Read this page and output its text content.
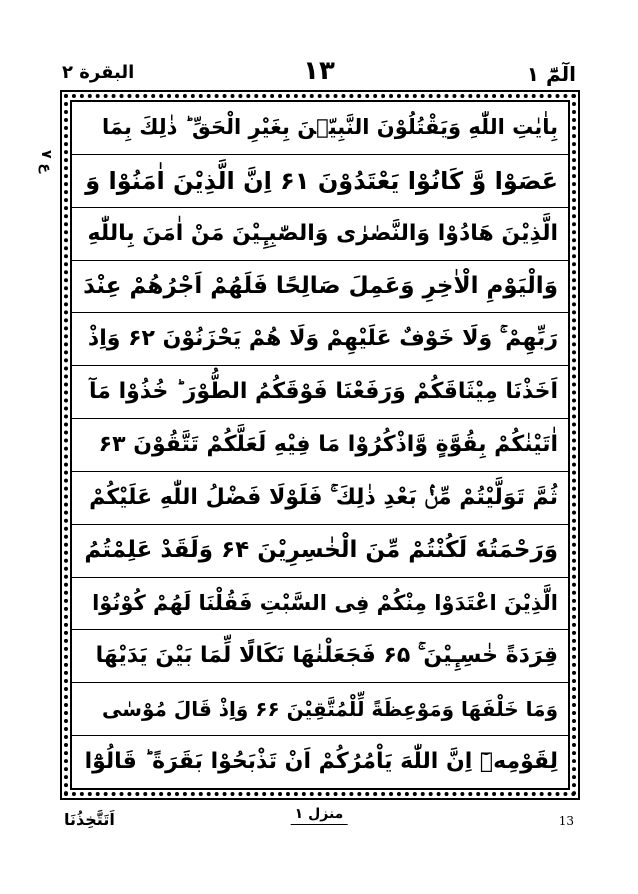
الٓمّٓ ١
١٣
البقرة ٢
ع ٧
بِاٰيٰتِ اللّٰهِ وَيَقْتُلُوْنَ النَّبِيّٖنَ بِغَيْرِ الْحَقِّ ؕ ذٰلِكَ بِمَا
عَصَوْا وَّ كَانُوْا يَعْتَدُوْنَ ۶۱ اِنَّ الَّذِيْنَ اٰمَنُوْا وَ
الَّذِيْنَ هَادُوْا وَالنَّصٰرٰى وَالصّٰبِـِٕيْنَ مَنْ اٰمَنَ بِاللّٰهِ
وَالْيَوْمِ الْاٰخِرِ وَعَمِلَ صَالِحًا فَلَهُمْ اَجْرُهُمْ عِنْدَ
رَبِّهِمْ ۚ وَلَا خَوْفٌ عَلَيْهِمْ وَلَا هُمْ يَحْزَنُوْنَ ۶۲ وَاِذْ
اَخَذْنَا مِيْثَاقَكُمْ وَرَفَعْنَا فَوْقَكُمُ الطُّوْرَ ؕ خُذُوْا مَآ
اٰتَيْنٰكُمْ بِقُوَّةٍ وَّاذْكُرُوْا مَا فِيْهِ لَعَلَّكُمْ تَتَّقُوْنَ ۶۳
ثُمَّ تَوَلَّيْتُمْ مِّنْۢ بَعْدِ ذٰلِكَ ۚ فَلَوْلَا فَضْلُ اللّٰهِ عَلَيْكُمْ
وَرَحْمَتُهٗ لَكُنْتُمْ مِّنَ الْخٰسِرِيْنَ ۶۴ وَلَقَدْ عَلِمْتُمُ
الَّذِيْنَ اعْتَدَوْا مِنْكُمْ فِى السَّبْتِ فَقُلْنَا لَهُمْ كُوْنُوْا
قِرَدَةً خٰسِـِٕيْنَ ۚ ۶۵ فَجَعَلْنٰهَا نَكَالًا لِّمَا بَيْنَ يَدَيْهَا
وَمَا خَلْفَهَا وَمَوْعِظَةً لِّلْمُتَّقِيْنَ ۶۶ وَاِذْ قَالَ مُوْسٰى
لِقَوْمِهٖٓ اِنَّ اللّٰهَ يَاْمُرُكُمْ اَنْ تَذْبَحُوْا بَقَرَةً ؕ قَالُوْٓا
اَتَتَّخِذُنَا	منزل ١	13
